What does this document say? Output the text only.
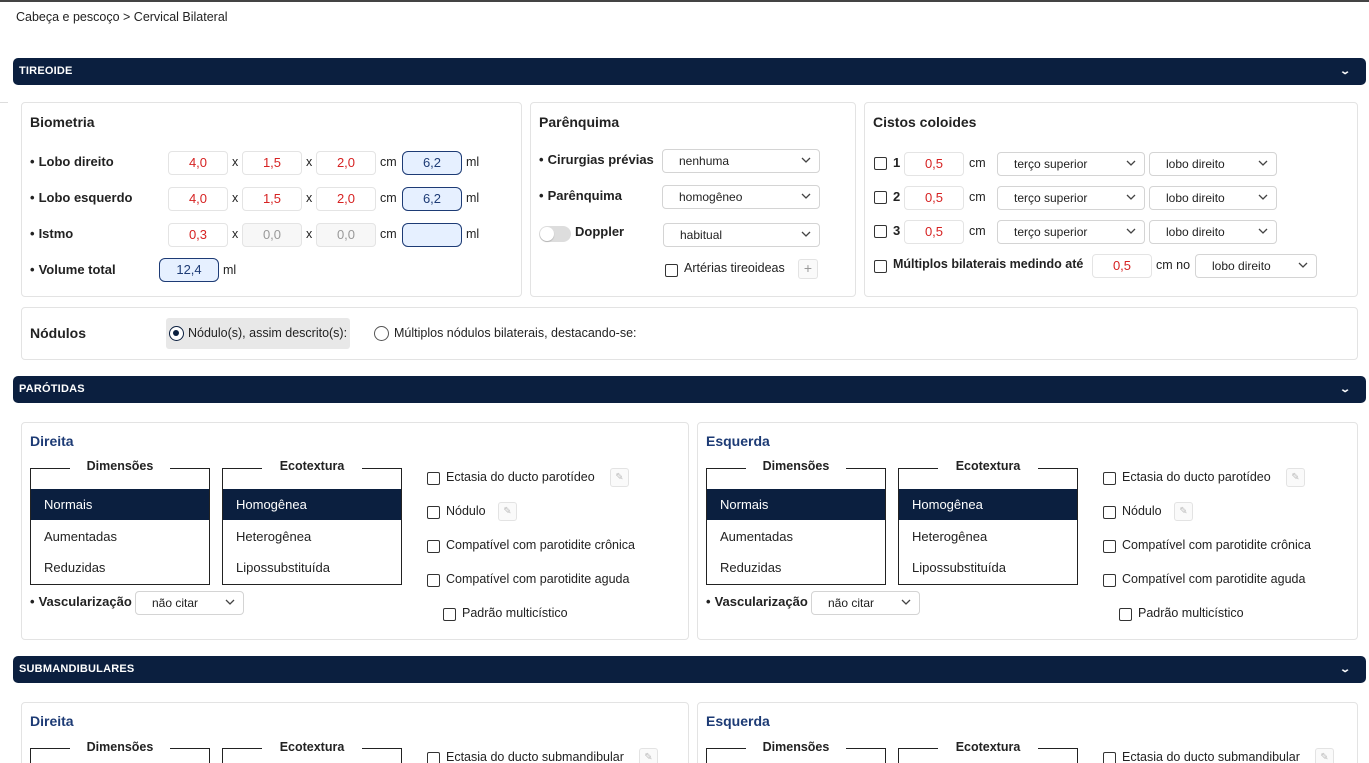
Cabeça e pescoço > Cervical Bilateral
TIREOIDE	⌄
Biometria
• Lobo direito	4,0	x	1,5	x	2,0	cm	6,2	ml
• Lobo esquerdo	4,0	x	1,5	x	2,0	cm	6,2	ml
• Istmo	0,3	x	0,0	x	0,0	cm	ml
• Volume total	12,4	ml
Parênquima
• Cirurgias prévias	nenhuma
• Parênquima	homogêneo
Doppler	habitual
Artérias tireoideas	+
Cistos coloides
1	0,5	cm	terço superior	lobo direito
2	0,5	cm	terço superior	lobo direito
3	0,5	cm	terço superior	lobo direito
Múltiplos bilaterais medindo até	0,5	cm no	lobo direito
Nódulos	Nódulo(s), assim descrito(s):	Múltiplos nódulos bilaterais, destacando-se:
PARÓTIDAS	⌄
Direita
Normais
Aumentadas
Reduzidas
Dimensões
Homogênea
Heterogênea
Lipossubstituída
Ecotextura
Ectasia do ducto parotídeo
Nódulo
Compatível com parotidite crônica
Compatível com parotidite aguda
✎
✎
Padrão multicístico
• Vascularização	não citar
Esquerda
Normais
Aumentadas
Reduzidas
Dimensões
Homogênea
Heterogênea
Lipossubstituída
Ecotextura
Ectasia do ducto parotídeo
Nódulo
Compatível com parotidite crônica
Compatível com parotidite aguda
✎
✎
Padrão multicístico
• Vascularização	não citar
SUBMANDIBULARES	⌄
Direita
Dimensões	Ecotextura
Ectasia do ducto submandibular	✎
Esquerda
Dimensões	Ecotextura
Ectasia do ducto submandibular	✎
